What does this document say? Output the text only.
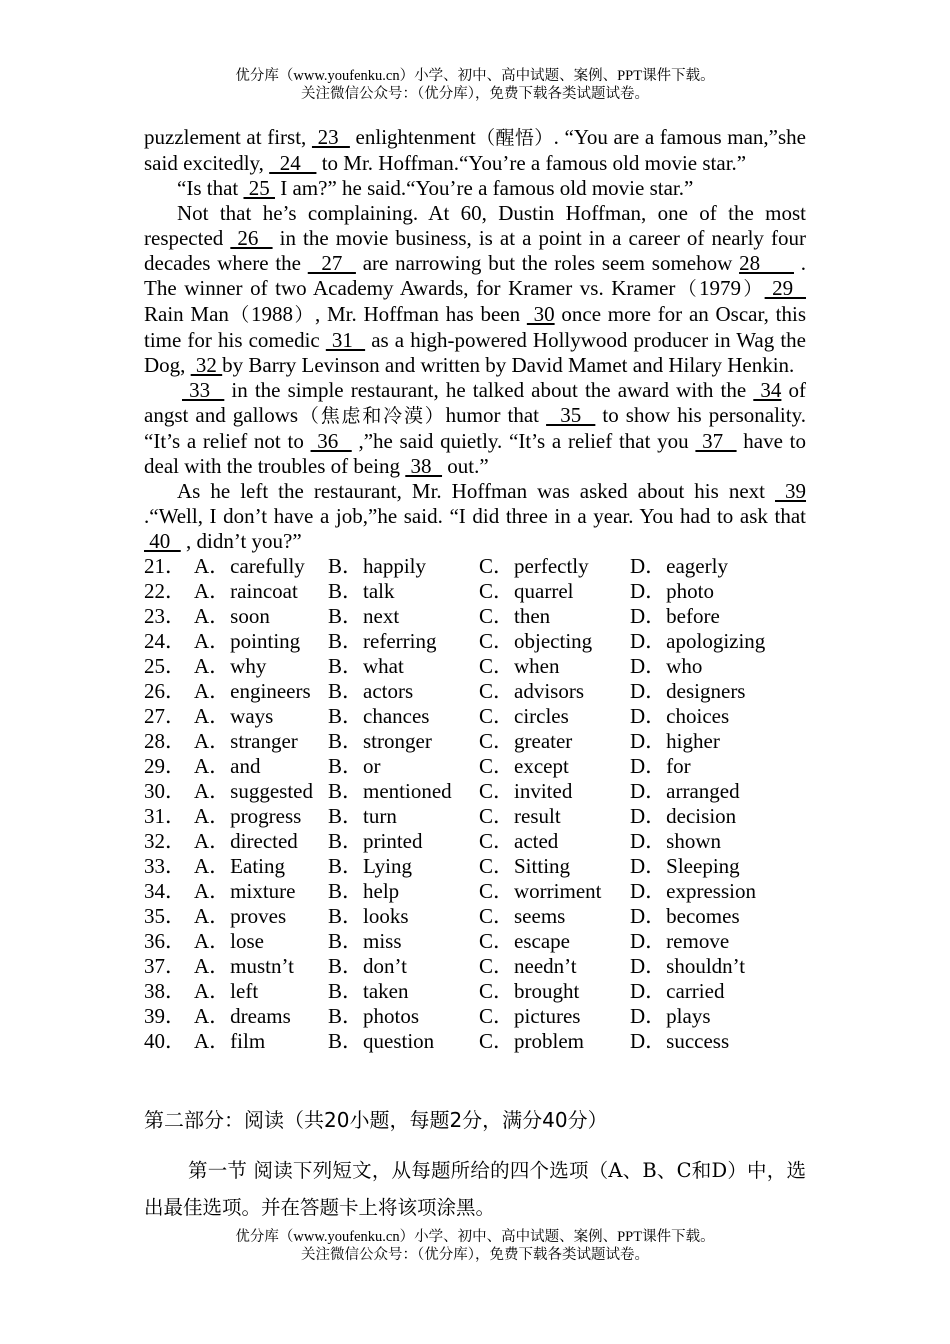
优分库（www.youfenku.cn）小学、初中、高中试题、案例、PPT课件下载。
关注微信公众号：（优分库），免费下载各类试题试卷。

puzzlement at first,  23   enlightenment（醒悟）. “You are a famous man,”she said excitedly,   24    to Mr. Hoffman.“You’re a famous old movie star.”

“Is that  25  I am?” he said.“You’re a famous old movie star.”

Not that he’s complaining. At 60, Dustin Hoffman, one of the most respected  26   in the movie business, is at a point in a career of nearly four decades where the   27   are narrowing but the roles seem somehow 28      . The winner of two Academy Awards, for Kramer vs. Kramer（1979） 29   Rain Man（1988）, Mr. Hoffman has been  30 once more for an Oscar, this time for his comedic  31   as a high-powered Hollywood producer in Wag the Dog,  32 by Barry Levinson and written by David Mamet and Hilary Henkin.

33   in the simple restaurant, he talked about the award with the  34 of angst and gallows（焦虑和冷漠）humor that   35   to show his personality. “It’s a relief not to  36   ,”he said quietly. “It’s a relief that you  37   have to deal with the troubles of being  38   out.”

As he left the restaurant, Mr. Hoffman was asked about his next  39 .“Well, I don’t have a job,”he said. “I did three in a year. You had to ask that  40   , didn’t you?”

21． A．carefully B．happily	C．perfectly D．eagerly
22． A．raincoat B．talk	C．quarrel	D．photo
23． A．soon	B．next	C．then	D．before
24． A．pointing B．referring C．objecting D．apologizing
25． A．why	B．what	C．when	D．who
26． A．engineers B．actors	C．advisors D．designers
27． A．ways	B．chances C．circles	D．choices
28． A．stranger B．stronger C．greater	D．higher
29． A．and	B．or	C．except	D．for
30． A．suggested B．mentioned C．invited	D．arranged
31． A．progress B．turn	C．result	D．decision
32． A．directed B．printed	C．acted	D．shown
33． A．Eating B．Lying	C．Sitting	D．Sleeping
34． A．mixture B．help	C．worriment D．expression
35． A．proves B．looks	C．seems	D．becomes
36． A．lose	B．miss	C．escape	D．remove
37． A．mustn’t B．don’t	C．needn’t	D．shouldn’t
38． A．left	B．taken	C．brought D．carried
39． A．dreams B．photos	C．pictures D．plays
40． A．film	B．question C．problem D．success
第二部分：阅读（共20小题，每题2分，满分40分）

第一节 阅读下列短文，从每题所给的四个选项（A、B、C和D）中，选出最佳选项。并在答题卡上将该项涂黑。

优分库（www.youfenku.cn）小学、初中、高中试题、案例、PPT课件下载。
关注微信公众号：（优分库），免费下载各类试题试卷。
